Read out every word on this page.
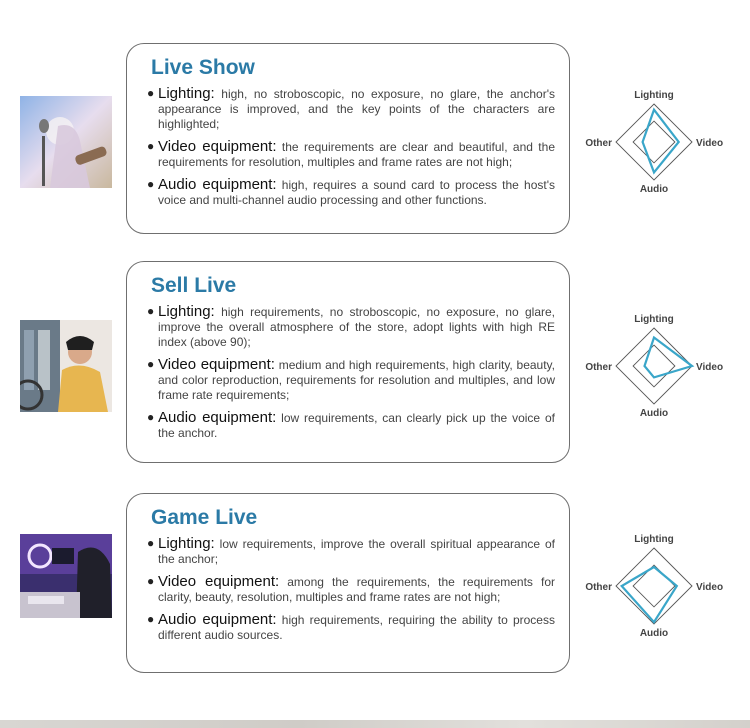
Live Show
● Lighting: high, no stroboscopic, no exposure, no glare, the anchor's appearance is improved, and the key points of the characters are highlighted;
● Video equipment: the requirements are clear and beautiful, and the requirements for resolution, multiples and frame rates are not high;
● Audio equipment: high, requires a sound card to process the host's voice and multi-channel audio processing and other functions.
Lighting
Video
Audio
Other
Sell Live
● Lighting: high requirements, no stroboscopic, no exposure, no glare, improve the overall atmosphere of the store, adopt lights with high RE index (above 90);
● Video equipment: medium and high requirements, high clarity, beauty, and color reproduction, requirements for resolution and multiples, and low frame rate requirements;
● Audio equipment: low requirements, can clearly pick up the voice of the anchor.
Lighting
Video
Audio
Other
Game Live
● Lighting: low requirements, improve the overall spiritual appearance of the anchor;
● Video equipment: among the requirements, the requirements for clarity, beauty, resolution, multiples and frame rates are not high;
● Audio equipment: high requirements, requiring the ability to process different audio sources.
Lighting
Video
Audio
Other
